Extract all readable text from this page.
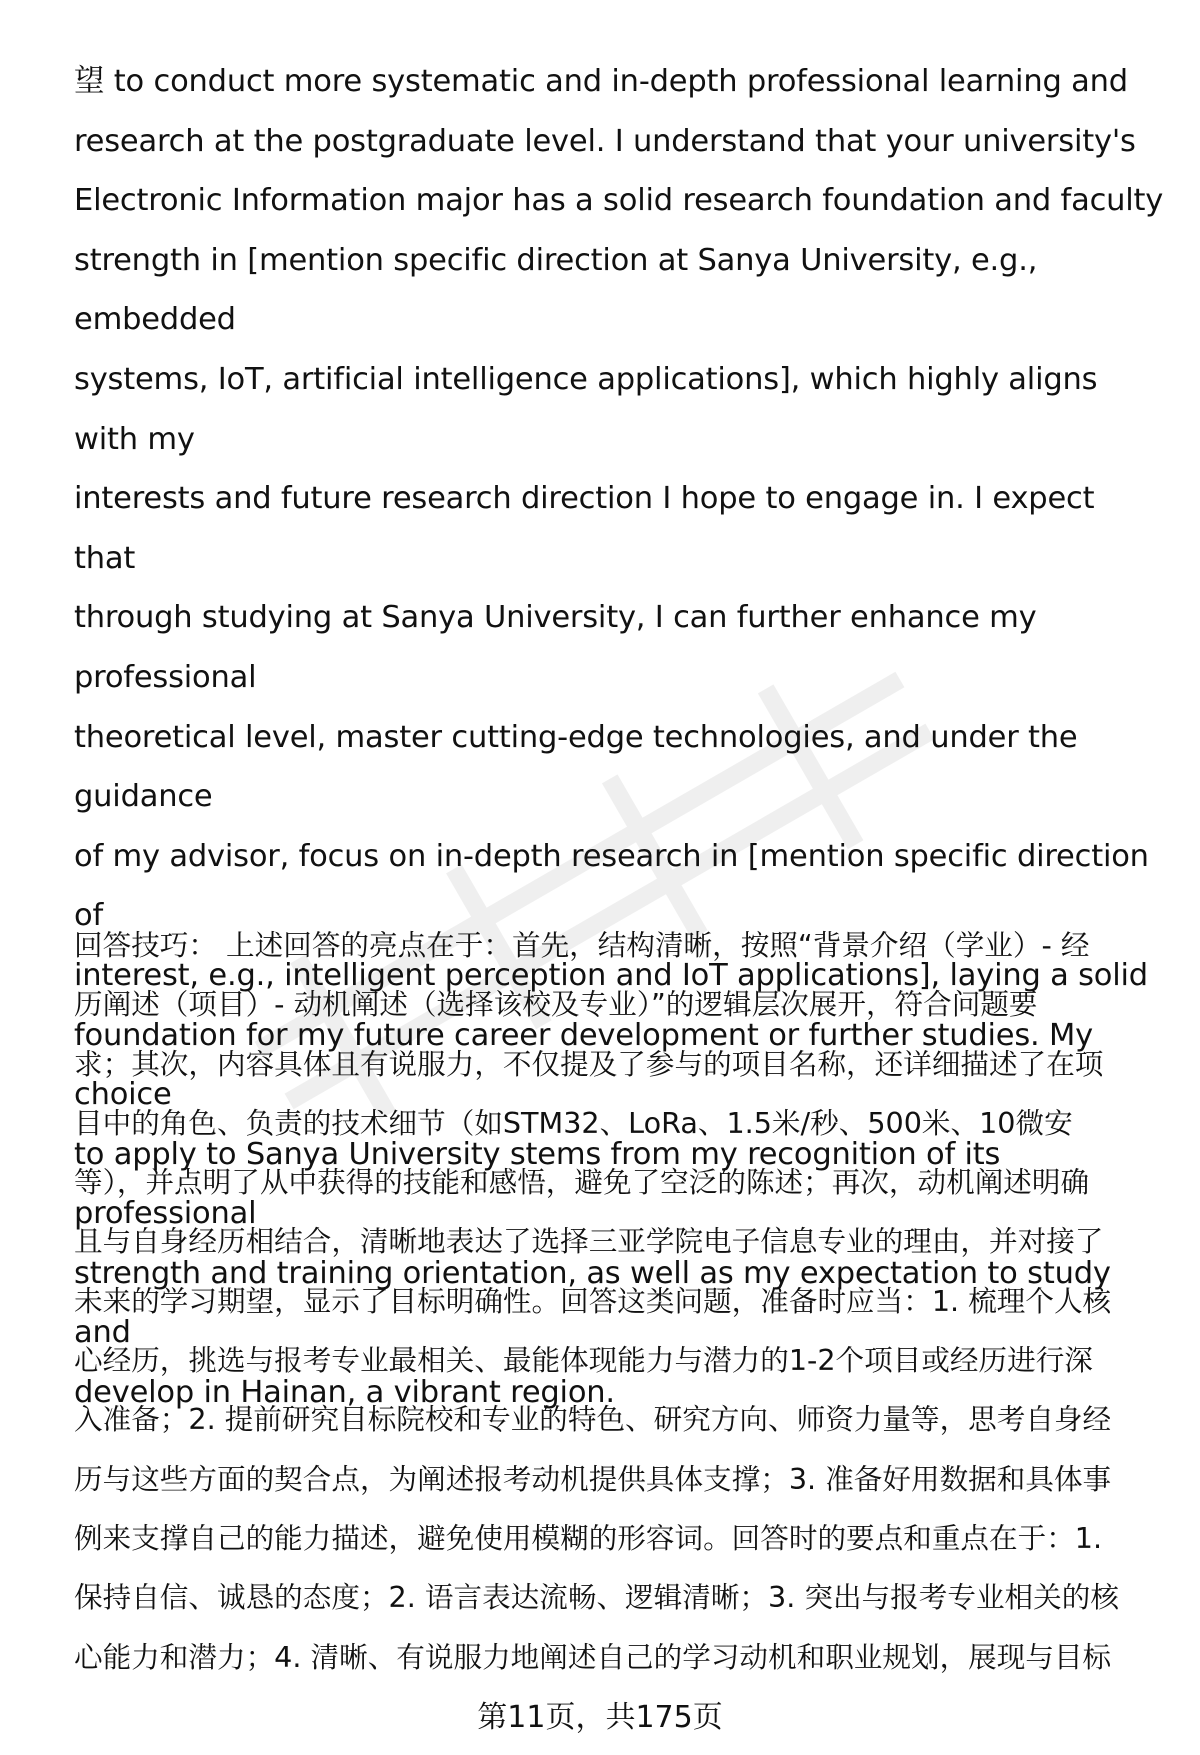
望 to conduct more systematic and in-depth professional learning and
research at the postgraduate level. I understand that your university's
Electronic Information major has a solid research foundation and faculty
strength in [mention specific direction at Sanya University, e.g., embedded
systems, IoT, artificial intelligence applications], which highly aligns with my
interests and future research direction I hope to engage in. I expect that
through studying at Sanya University, I can further enhance my professional
theoretical level, master cutting-edge technologies, and under the guidance
of my advisor, focus on in-depth research in [mention specific direction of
interest, e.g., intelligent perception and IoT applications], laying a solid
foundation for my future career development or further studies. My choice
to apply to Sanya University stems from my recognition of its professional
strength and training orientation, as well as my expectation to study and
develop in Hainan, a vibrant region.
回答技巧： 上述回答的亮点在于：首先，结构清晰，按照“背景介绍（学业）- 经
历阐述（项目）- 动机阐述（选择该校及专业）”的逻辑层次展开，符合问题要
求；其次，内容具体且有说服力，不仅提及了参与的项目名称，还详细描述了在项
目中的角色、负责的技术细节（如STM32、LoRa、1.5米/秒、500米、10微安
等），并点明了从中获得的技能和感悟，避免了空泛的陈述；再次，动机阐述明确
且与自身经历相结合，清晰地表达了选择三亚学院电子信息专业的理由，并对接了
未来的学习期望，显示了目标明确性。回答这类问题，准备时应当：1. 梳理个人核
心经历，挑选与报考专业最相关、最能体现能力与潜力的1-2个项目或经历进行深
入准备；2. 提前研究目标院校和专业的特色、研究方向、师资力量等，思考自身经
历与这些方面的契合点，为阐述报考动机提供具体支撑；3. 准备好用数据和具体事
例来支撑自己的能力描述，避免使用模糊的形容词。回答时的要点和重点在于：1.
保持自信、诚恳的态度；2. 语言表达流畅、逻辑清晰；3. 突出与报考专业相关的核
心能力和潜力；4. 清晰、有说服力地阐述自己的学习动机和职业规划，展现与目标
第11页，共175页
